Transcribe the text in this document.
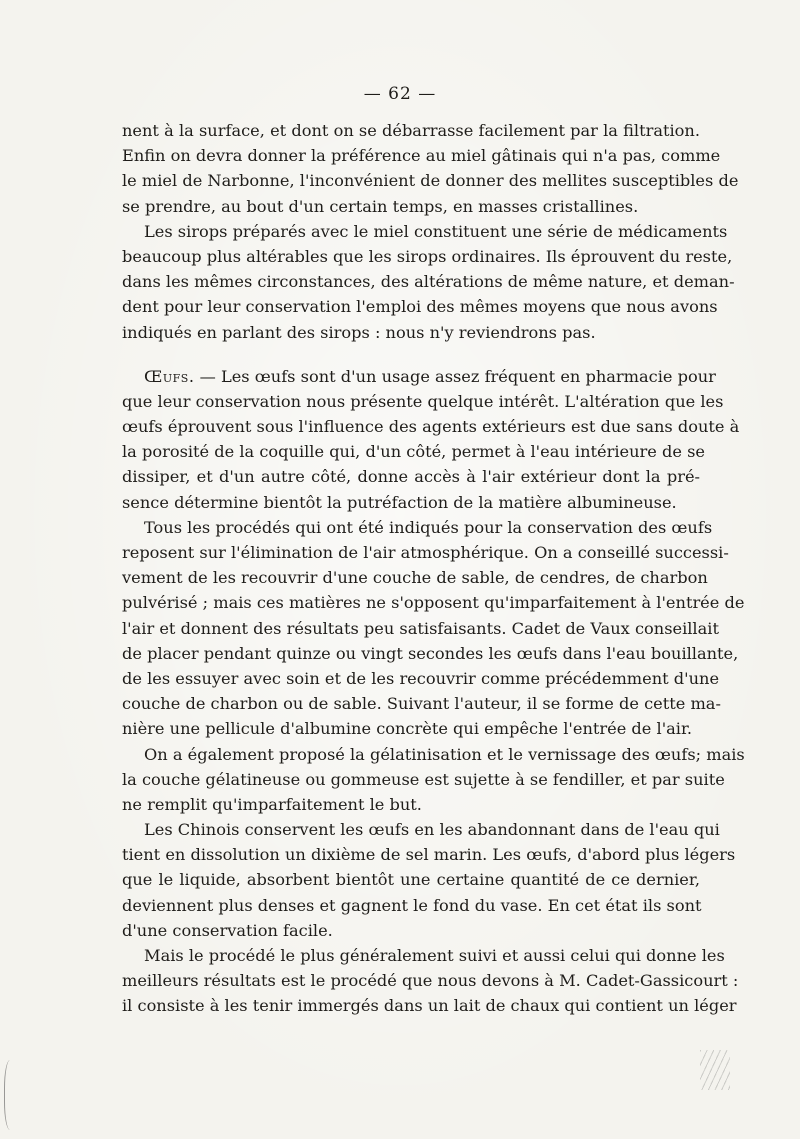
— 62 —
nent à la surface, et dont on se débarrasse facilement par la filtration.
Enfin on devra donner la préférence au miel gâtinais qui n'a pas, comme
le miel de Narbonne, l'inconvénient de donner des mellites susceptibles de
se prendre, au bout d'un certain temps, en masses cristallines.
Les sirops préparés avec le miel constituent une série de médicaments
beaucoup plus altérables que les sirops ordinaires. Ils éprouvent du reste,
dans les mêmes circonstances, des altérations de même nature, et deman-
dent pour leur conservation l'emploi des mêmes moyens que nous avons
indiqués en parlant des sirops : nous n'y reviendrons pas.
Œufs. — Les œufs sont d'un usage assez fréquent en pharmacie pour
que leur conservation nous présente quelque intérêt. L'altération que les
œufs éprouvent sous l'influence des agents extérieurs est due sans doute à
la porosité de la coquille qui, d'un côté, permet à l'eau intérieure de se
dissiper, et d'un autre côté, donne accès à l'air extérieur dont la pré-
sence détermine bientôt la putréfaction de la matière albumineuse.
Tous les procédés qui ont été indiqués pour la conservation des œufs
reposent sur l'élimination de l'air atmosphérique. On a conseillé successi-
vement de les recouvrir d'une couche de sable, de cendres, de charbon
pulvérisé ; mais ces matières ne s'opposent qu'imparfaitement à l'entrée de
l'air et donnent des résultats peu satisfaisants. Cadet de Vaux conseillait
de placer pendant quinze ou vingt secondes les œufs dans l'eau bouillante,
de les essuyer avec soin et de les recouvrir comme précédemment d'une
couche de charbon ou de sable. Suivant l'auteur, il se forme de cette ma-
nière une pellicule d'albumine concrète qui empêche l'entrée de l'air.
On a également proposé la gélatinisation et le vernissage des œufs; mais
la couche gélatineuse ou gommeuse est sujette à se fendiller, et par suite
ne remplit qu'imparfaitement le but.
Les Chinois conservent les œufs en les abandonnant dans de l'eau qui
tient en dissolution un dixième de sel marin. Les œufs, d'abord plus légers
que le liquide, absorbent bientôt une certaine quantité de ce dernier,
deviennent plus denses et gagnent le fond du vase. En cet état ils sont
d'une conservation facile.
Mais le procédé le plus généralement suivi et aussi celui qui donne les
meilleurs résultats est le procédé que nous devons à M. Cadet-Gassicourt :
il consiste à les tenir immergés dans un lait de chaux qui contient un léger
